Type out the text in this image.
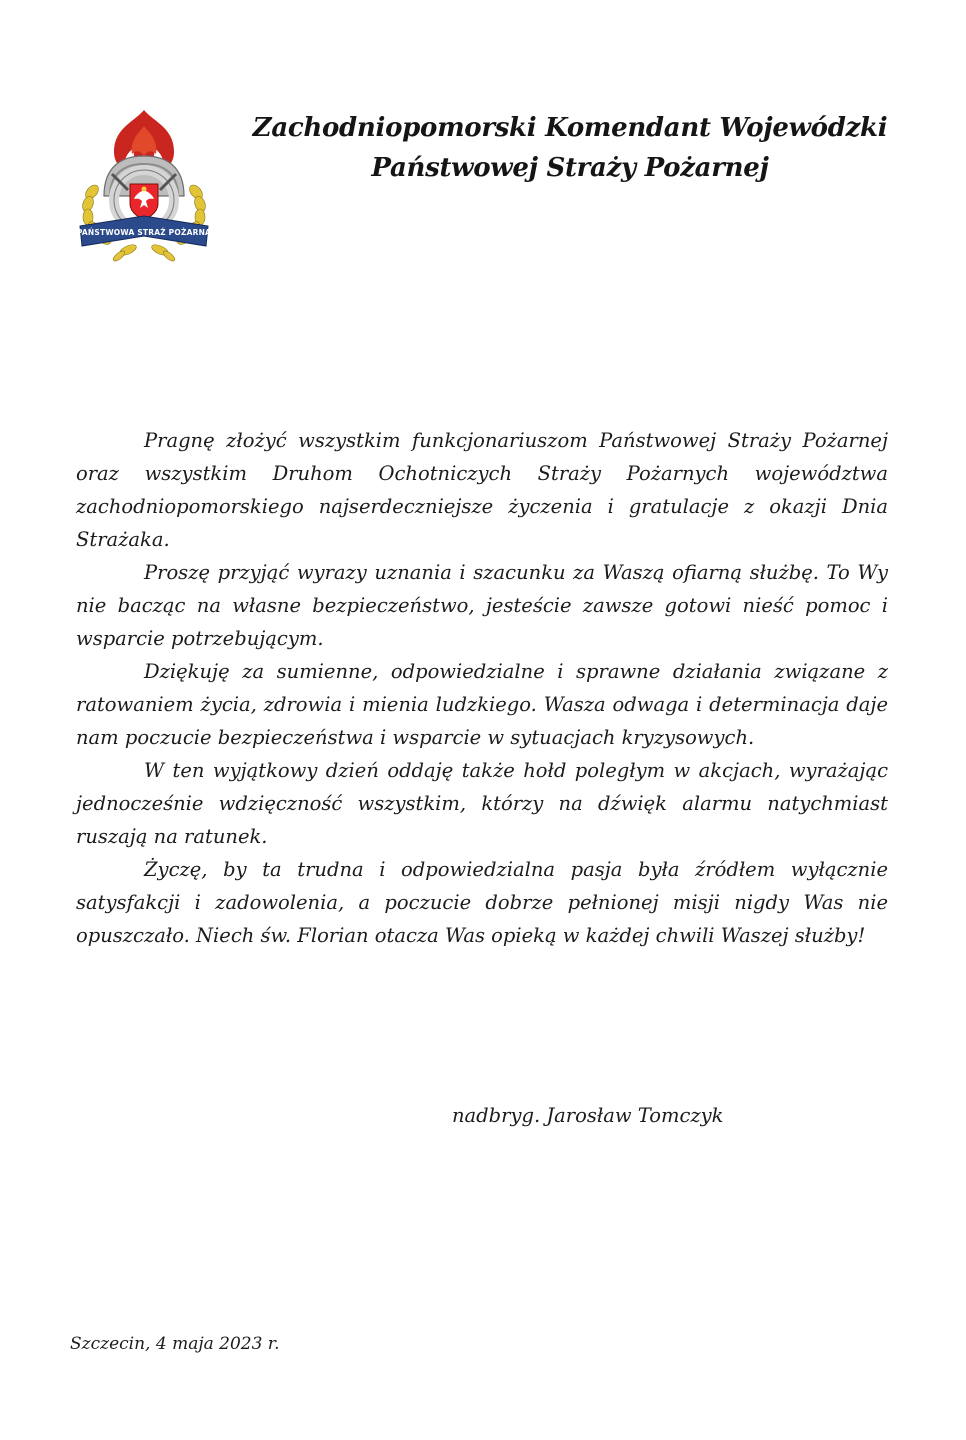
PAŃSTWOWA STRAŻ POŻARNA
Zachodniopomorski Komendant Wojewódzki
Państwowej Straży Pożarnej

Pragnę złożyć wszystkim funkcjonariuszom Państwowej Straży Pożarnej oraz wszystkim Druhom Ochotniczych Straży Pożarnych województwa zachodniopomorskiego najserdeczniejsze życzenia i gratulacje z okazji Dnia Strażaka.

Proszę przyjąć wyrazy uznania i szacunku za Waszą ofiarną służbę. To Wy nie bacząc na własne bezpieczeństwo, jesteście zawsze gotowi nieść pomoc i wsparcie potrzebującym.

Dziękuję za sumienne, odpowiedzialne i sprawne działania związane z ratowaniem życia, zdrowia i mienia ludzkiego. Wasza odwaga i determinacja daje nam poczucie bezpieczeństwa i wsparcie w sytuacjach kryzysowych.

W ten wyjątkowy dzień oddaję także hołd poległym w akcjach, wyrażając jednocześnie wdzięczność wszystkim, którzy na dźwięk alarmu natychmiast ruszają na ratunek.

Życzę, by ta trudna i odpowiedzialna pasja była źródłem wyłącznie satysfakcji i zadowolenia, a poczucie dobrze pełnionej misji nigdy Was nie opuszczało. Niech św. Florian otacza Was opieką w każdej chwili Waszej służby!

nadbryg. Jarosław Tomczyk
Szczecin, 4 maja 2023 r.
